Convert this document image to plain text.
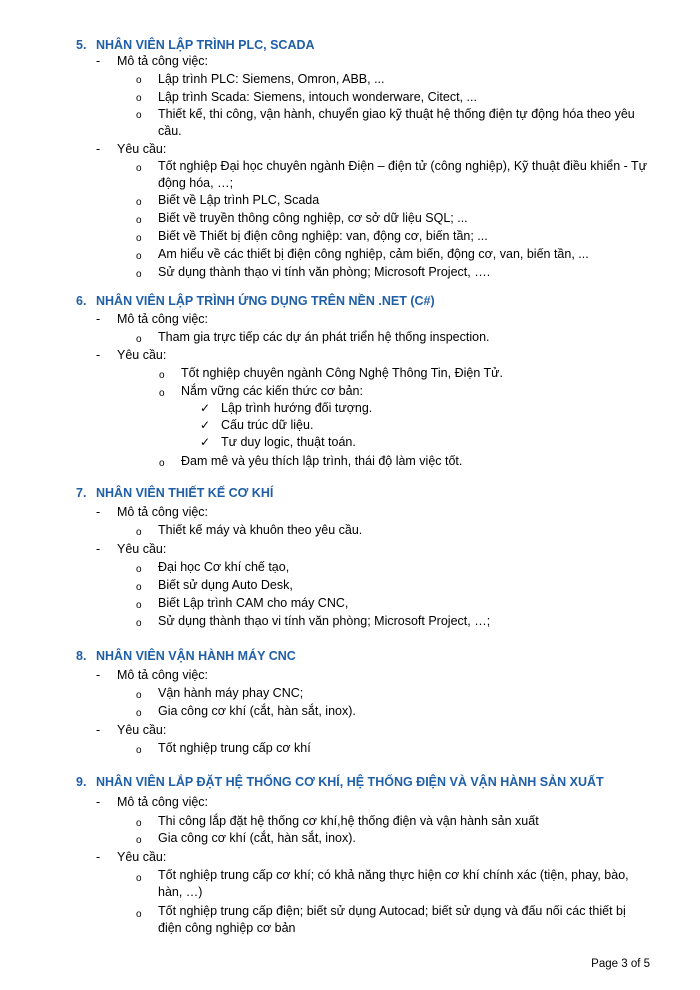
5. NHÂN VIÊN LẬP TRÌNH PLC, SCADA
- Mô tả công việc:
o Lập trình PLC: Siemens, Omron, ABB, ...
o Lập trình Scada: Siemens, intouch wonderware, Citect, ...
o Thiết kế, thi công, vận hành, chuyển giao kỹ thuật hệ thống điện tự động hóa theo yêu cầu.
- Yêu cầu:
o Tốt nghiệp Đại học chuyên ngành Điện – điện tử (công nghiệp), Kỹ thuật điều khiển - Tự động hóa, …;
o Biết về Lập trình PLC, Scada
o Biết về truyền thông công nghiệp, cơ sở dữ liệu SQL; ...
o Biết về Thiết bị điện công nghiệp: van, động cơ, biến tần; ...
o Am hiểu về các thiết bị điện công nghiệp, cảm biến, động cơ, van, biến tần, ...
o Sử dụng thành thạo vi tính văn phòng; Microsoft Project, ….
6. NHÂN VIÊN LẬP TRÌNH ỨNG DỤNG TRÊN NỀN .NET (C#)
- Mô tả công việc:
o Tham gia trực tiếp các dự án phát triển hệ thống inspection.
- Yêu cầu:
o Tốt nghiệp chuyên ngành Công Nghệ Thông Tin, Điện Tử.
o Nắm vững các kiến thức cơ bản:
✓ Lập trình hướng đối tượng.
✓ Cấu trúc dữ liệu.
✓ Tư duy logic, thuật toán.
o Đam mê và yêu thích lập trình, thái độ làm việc tốt.
7. NHÂN VIÊN THIẾT KẾ CƠ KHÍ
- Mô tả công việc:
o Thiết kế máy và khuôn theo yêu cầu.
- Yêu cầu:
o Đại học Cơ khí chế tạo,
o Biết sử dụng Auto Desk,
o Biết Lập trình CAM cho máy CNC,
o Sử dụng thành thạo vi tính văn phòng; Microsoft Project, …;
8. NHÂN VIÊN VẬN HÀNH MÁY CNC
- Mô tả công việc:
o Vận hành máy phay CNC;
o Gia công cơ khí (cắt, hàn sắt, inox).
- Yêu cầu:
o Tốt nghiệp trung cấp cơ khí
9. NHÂN VIÊN LẮP ĐẶT HỆ THỐNG CƠ KHÍ, HỆ THỐNG ĐIỆN VÀ VẬN HÀNH SẢN XUẤT
- Mô tả công việc:
o Thi công lắp đặt hệ thống cơ khí,hệ thống điện và vận hành sản xuất
o Gia công cơ khí (cắt, hàn sắt, inox).
- Yêu cầu:
o Tốt nghiệp trung cấp cơ khí; có khả năng thực hiện cơ khí chính xác (tiện, phay, bào, hàn, …)
o Tốt nghiệp trung cấp điện; biết sử dụng Autocad; biết sử dụng và đấu nối các thiết bị điện công nghiệp cơ bản
Page 3 of 5
